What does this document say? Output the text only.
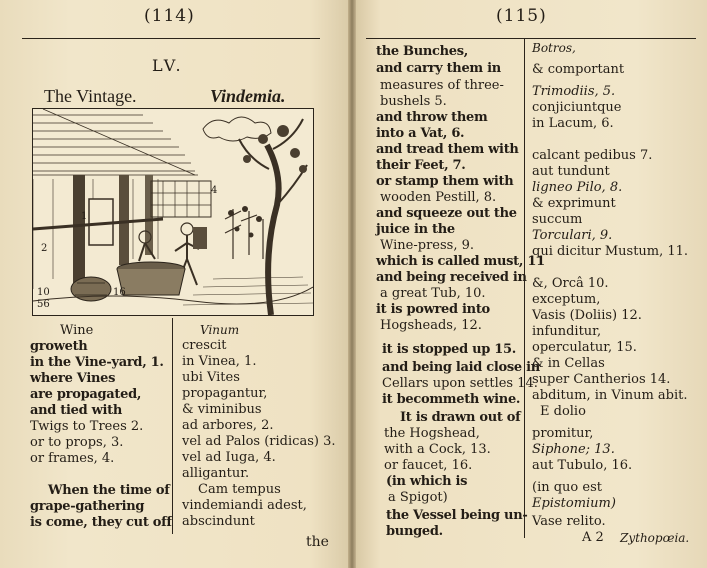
(114)
LV.
The Vintage.	Vindemia.
4
2
1
10	16
56
Wine
groweth
in the Vine-yard, 1.
where Vines
are propagated,
and tied with
Twigs to Trees 2.
or to props, 3.
or frames, 4.
When the time of
grape-gathering
is come, they cut off
Vinum
crescit
in Vinea, 1.
ubi Vites
propagantur,
& viminibus
ad arbores, 2.
vel ad Palos (ridicas) 3.
vel ad Iuga, 4.
alligantur.
Cam tempus
vindemiandi adest,
abscindunt
the
(115)
the Bunches,
and carry them in
measures of three-
bushels 5.
and throw them
into a Vat, 6.
and tread them with
their Feet, 7.
or stamp them with
wooden Pestill, 8.
and squeeze out the
juice in the
Wine-press, 9.
which is called must, 11
and being received in
a great Tub, 10.
it is powred into
Hogsheads, 12.
it is stopped up 15.
and being laid close in
Cellars upon settles 14.
it becommeth wine.
It is drawn out of
the Hogshead,
with a Cock, 13.
or faucet, 16.
(in which is
a Spigot)
the Vessel being un-
bunged.
Botros,
& comportant
Trimodiis, 5.
conjiciuntque
in Lacum, 6.
calcant pedibus 7.
aut tundunt
ligneo Pilo, 8.
& exprimunt
succum
Torculari, 9.
qui dicitur Mustum, 11.
&, Orcâ 10.
exceptum,
Vasis (Doliis) 12.
infunditur,
operculatur, 15.
& in Cellas
super Cantherios 14.
abditum, in Vinum abit.
E dolio
promitur,
Siphone; 13.
aut Tubulo, 16.
(in quo est
Epistomium)
Vase relito.
A 2 Zythopœia.
